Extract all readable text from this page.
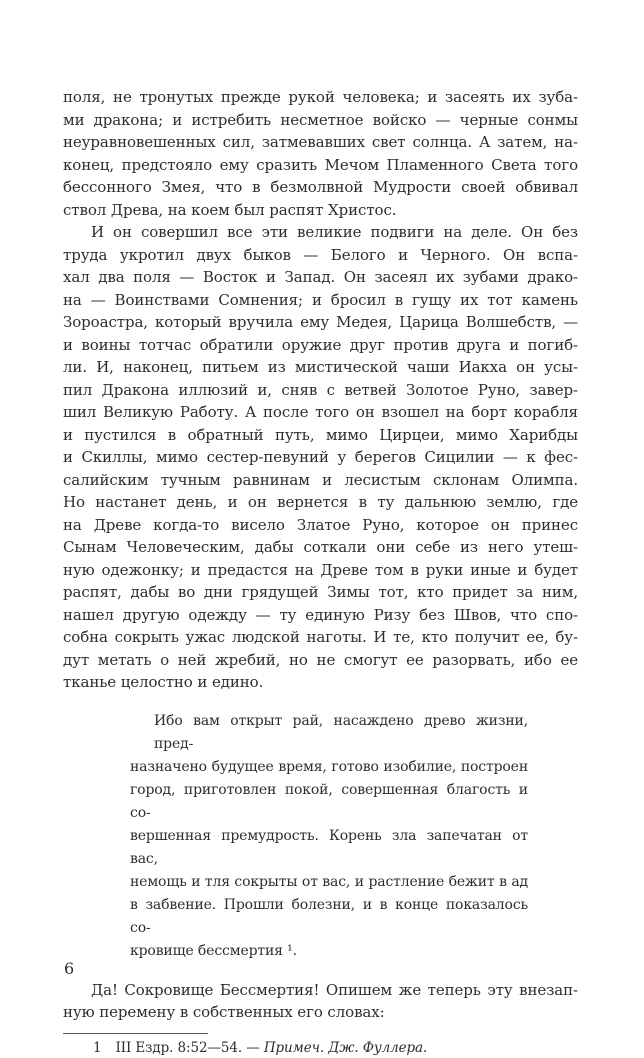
поля, не тронутых прежде рукой человека; и засеять их зуба-
ми дракона; и истребить несметное войско — черные сонмы
неуравновешенных сил, затмевавших свет солнца. А затем, на-
конец, предстояло ему сразить Мечом Пламенного Света того
бессонного Змея, что в безмолвной Мудрости своей обвивал
ствол Древа, на коем был распят Христос.

И он совершил все эти великие подвиги на деле. Он без
труда укротил двух быков — Белого и Черного. Он вспа-
хал два поля — Восток и Запад. Он засеял их зубами драко-
на — Воинствами Сомнения; и бросил в гущу их тот камень
Зороастра, который вручила ему Медея, Царица Волшебств, —
и воины тотчас обратили оружие друг против друга и погиб-
ли. И, наконец, питьем из мистической чаши Иакха он усы-
пил Дракона иллюзий и, сняв с ветвей Золотое Руно, завер-
шил Великую Работу. А после того он взошел на борт корабля
и пустился в обратный путь, мимо Цирцеи, мимо Харибды
и Скиллы, мимо сестер-певуний у берегов Сицилии — к фес-
салийским тучным равнинам и лесистым склонам Олимпа.
Но настанет день, и он вернется в ту дальнюю землю, где
на Древе когда-то висело Златое Руно, которое он принес
Сынам Человеческим, дабы соткали они себе из него утеш-
ную одежонку; и предастся на Древе том в руки иные и будет
распят, дабы во дни грядущей Зимы тот, кто придет за ним,
нашел другую одежду — ту единую Ризу без Швов, что спо-
собна сокрыть ужас людской наготы. И те, кто получит ее, бу-
дут метать о ней жребий, но не смогут ее разорвать, ибо ее
тканье целостно и едино.

Ибо вам открыт рай, насаждено древо жизни, пред-
назначено будущее время, готово изобилие, построен
город, приготовлен покой, совершенная благость и со-
вершенная премудрость. Корень зла запечатан от вас,
немощь и тля сокрыты от вас, и растление бежит в ад
в забвение. Прошли болезни, и в конце показалось со-
кровище бессмертия ¹.

Да! Сокровище Бессмертия! Опишем же теперь эту внезап-
ную перемену в собственных его словах:

1 III Ездр. 8:52—54. — Примеч. Дж. Фуллера.
6
